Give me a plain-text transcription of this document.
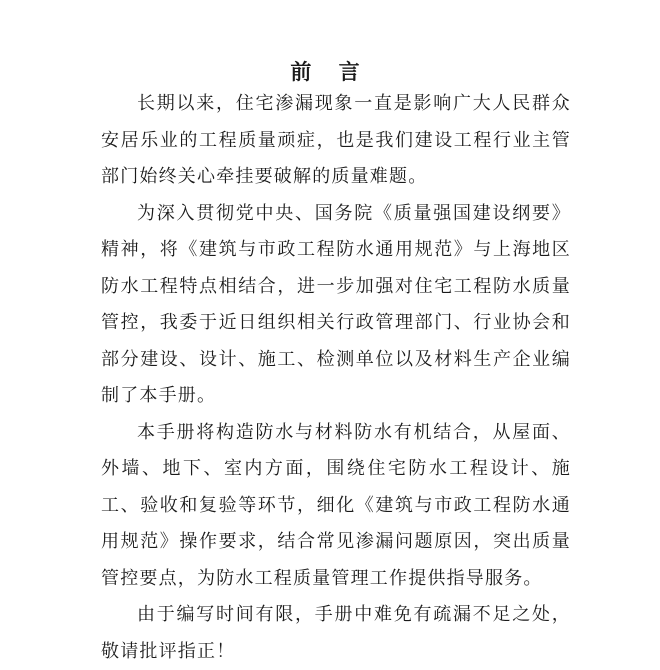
前 言

长期以来，住宅渗漏现象一直是影响广大人民群众安居乐业的工程质量顽症，也是我们建设工程行业主管部门始终关心牵挂要破解的质量难题。

为深入贯彻党中央、国务院《质量强国建设纲要》精神，将《建筑与市政工程防水通用规范》与上海地区防水工程特点相结合，进一步加强对住宅工程防水质量管控，我委于近日组织相关行政管理部门、行业协会和部分建设、设计、施工、检测单位以及材料生产企业编制了本手册。

本手册将构造防水与材料防水有机结合，从屋面、外墙、地下、室内方面，围绕住宅防水工程设计、施工、验收和复验等环节，细化《建筑与市政工程防水通用规范》操作要求，结合常见渗漏问题原因，突出质量管控要点，为防水工程质量管理工作提供指导服务。

由于编写时间有限，手册中难免有疏漏不足之处，敬请批评指正！
